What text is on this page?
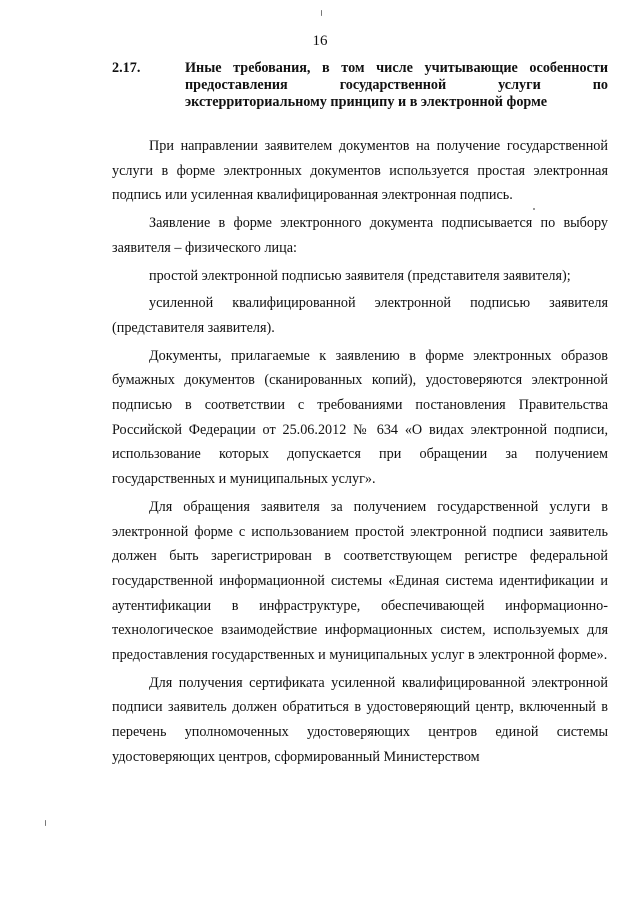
16
2.17.	Иные требования, в том числе учитывающие особенности
предоставления государственной услуги по
экстерриториальному принципу и в электронной форме

При направлении заявителем документов на получение государственной услуги в форме электронных документов используется простая электронная подпись или усиленная квалифицированная электронная подпись.

Заявление в форме электронного документа подписывается по выбору заявителя – физического лица:

простой электронной подписью заявителя (представителя заявителя);

усиленной квалифицированной электронной подписью заявителя (представителя заявителя).

Документы, прилагаемые к заявлению в форме электронных образов бумажных документов (сканированных копий), удостоверяются электронной подписью в соответствии с требованиями постановления Правительства Российской Федерации от 25.06.2012 № 634 «О видах электронной подписи, использование которых допускается при обращении за получением государственных и муниципальных услуг».

Для обращения заявителя за получением государственной услуги в электронной форме с использованием простой электронной подписи заявитель должен быть зарегистрирован в соответствующем регистре федеральной государственной информационной системы «Единая система идентификации и аутентификации в инфраструктуре, обеспечивающей информационно-технологическое взаимодействие информационных систем, используемых для предоставления государственных и муниципальных услуг в электронной форме».

Для получения сертификата усиленной квалифицированной электронной подписи заявитель должен обратиться в удостоверяющий центр, включенный в перечень уполномоченных удостоверяющих центров единой системы удостоверяющих центров, сформированный Министерством
